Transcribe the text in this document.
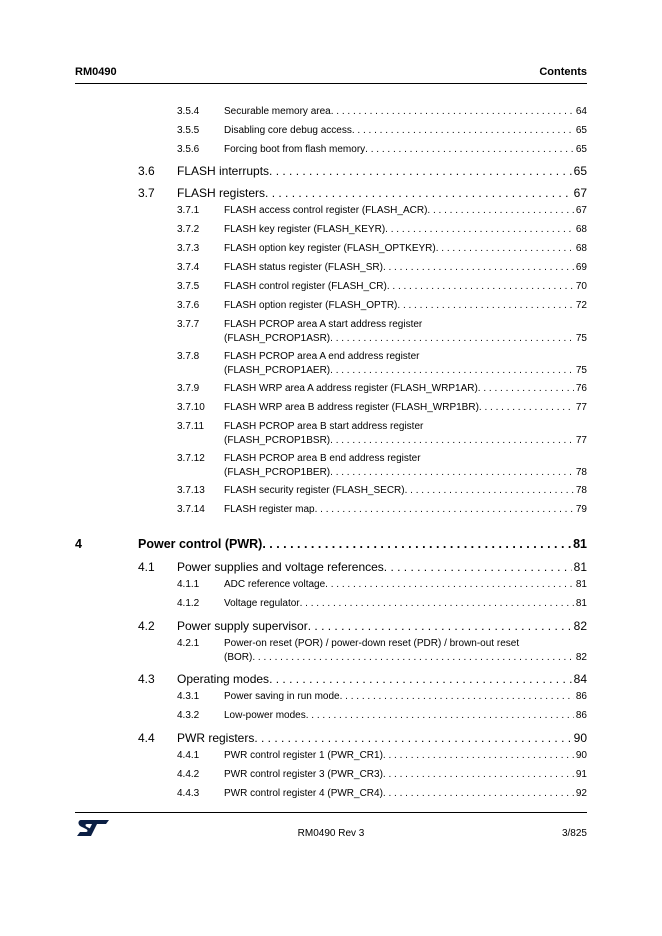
RM0490	Contents
3.5.4 Securable memory area . . .	64
3.5.5 Disabling core debug access . . .	65
3.5.6 Forcing boot from flash memory . . .	65
3.6 FLASH interrupts . . .	65
3.7 FLASH registers . . .	67
3.7.1 FLASH access control register (FLASH_ACR) . . .	67
3.7.2 FLASH key register (FLASH_KEYR) . . .	68
3.7.3 FLASH option key register (FLASH_OPTKEYR) . . .	68
3.7.4 FLASH status register (FLASH_SR) . . .	69
3.7.5 FLASH control register (FLASH_CR) . . .	70
3.7.6 FLASH option register (FLASH_OPTR) . . .	72
3.7.7 FLASH PCROP area A start address register
(FLASH_PCROP1ASR) . . .	75
3.7.8 FLASH PCROP area A end address register
(FLASH_PCROP1AER) . . .	75
3.7.9 FLASH WRP area A address register (FLASH_WRP1AR) . . .	76
3.7.10 FLASH WRP area B address register (FLASH_WRP1BR) . . .	77
3.7.11 FLASH PCROP area B start address register
(FLASH_PCROP1BSR) . . .	77
3.7.12 FLASH PCROP area B end address register
(FLASH_PCROP1BER) . . .	78
3.7.13 FLASH security register (FLASH_SECR) . . .	78
3.7.14 FLASH register map . . .	79
4	Power control (PWR) . . .	81
4.1 Power supplies and voltage references . . .	81
4.1.1 ADC reference voltage . . .	81
4.1.2 Voltage regulator . . .	81
4.2 Power supply supervisor . . .	82
4.2.1 Power-on reset (POR) / power-down reset (PDR) / brown-out reset
(BOR) . . .	82
4.3 Operating modes . . .	84
4.3.1 Power saving in run mode . . .	86
4.3.2 Low-power modes . . .	86
4.4 PWR registers . . .	90
4.4.1 PWR control register 1 (PWR_CR1) . . .	90
4.4.2 PWR control register 3 (PWR_CR3) . . .	91
4.4.3 PWR control register 4 (PWR_CR4) . . .	92
RM0490 Rev 3	3/825
